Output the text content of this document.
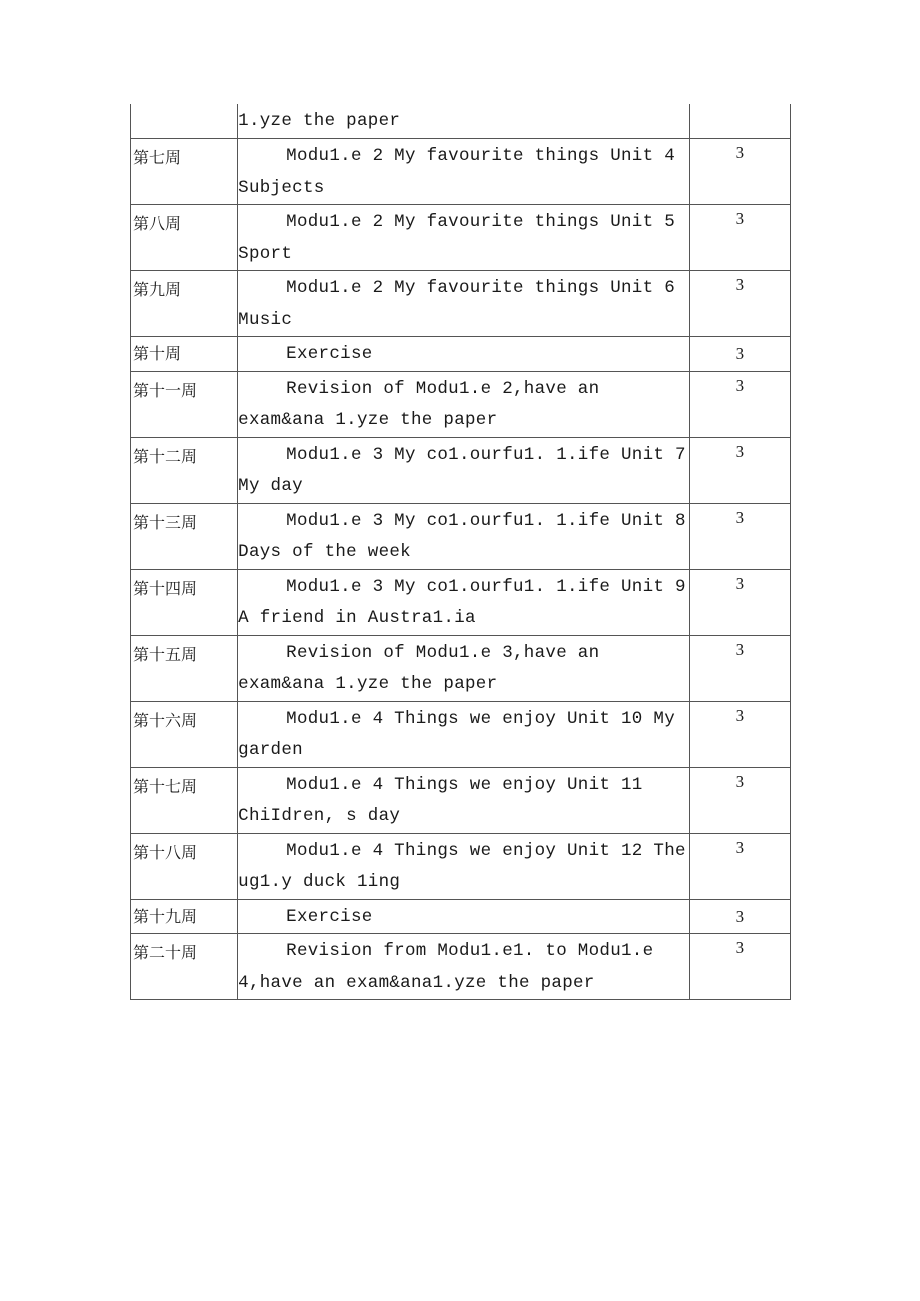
	1.yze the paper	

第七周	Modu1.e 2 My favourite things Unit 4 Subjects	3

第八周	Modu1.e 2 My favourite things Unit 5 Sport	3

第九周	Modu1.e 2 My favourite things Unit 6 Music	3

第十周	Exercise	3

第十一周	Revision of Modu1.e 2,have an exam&ana 1.yze the paper	3

第十二周	Modu1.e 3 My co1.ourfu1. 1.ife Unit 7 My day	3

第十三周	Modu1.e 3 My co1.ourfu1. 1.ife Unit 8 Days of the week	3

第十四周	Modu1.e 3 My co1.ourfu1. 1.ife Unit 9 A friend in Austra1.ia	3

第十五周	Revision of Modu1.e 3,have an exam&ana 1.yze the paper	3

第十六周	Modu1.e 4 Things we enjoy Unit 10 My garden	3

第十七周	Modu1.e 4 Things we enjoy Unit 11 ChiIdren, s day	3

第十八周	Modu1.e 4 Things we enjoy Unit 12 The ug1.y duck 1ing	3

第十九周	Exercise	3

第二十周	Revision from Modu1.e1. to Modu1.e 4,have an exam&ana1.yze the paper	3
